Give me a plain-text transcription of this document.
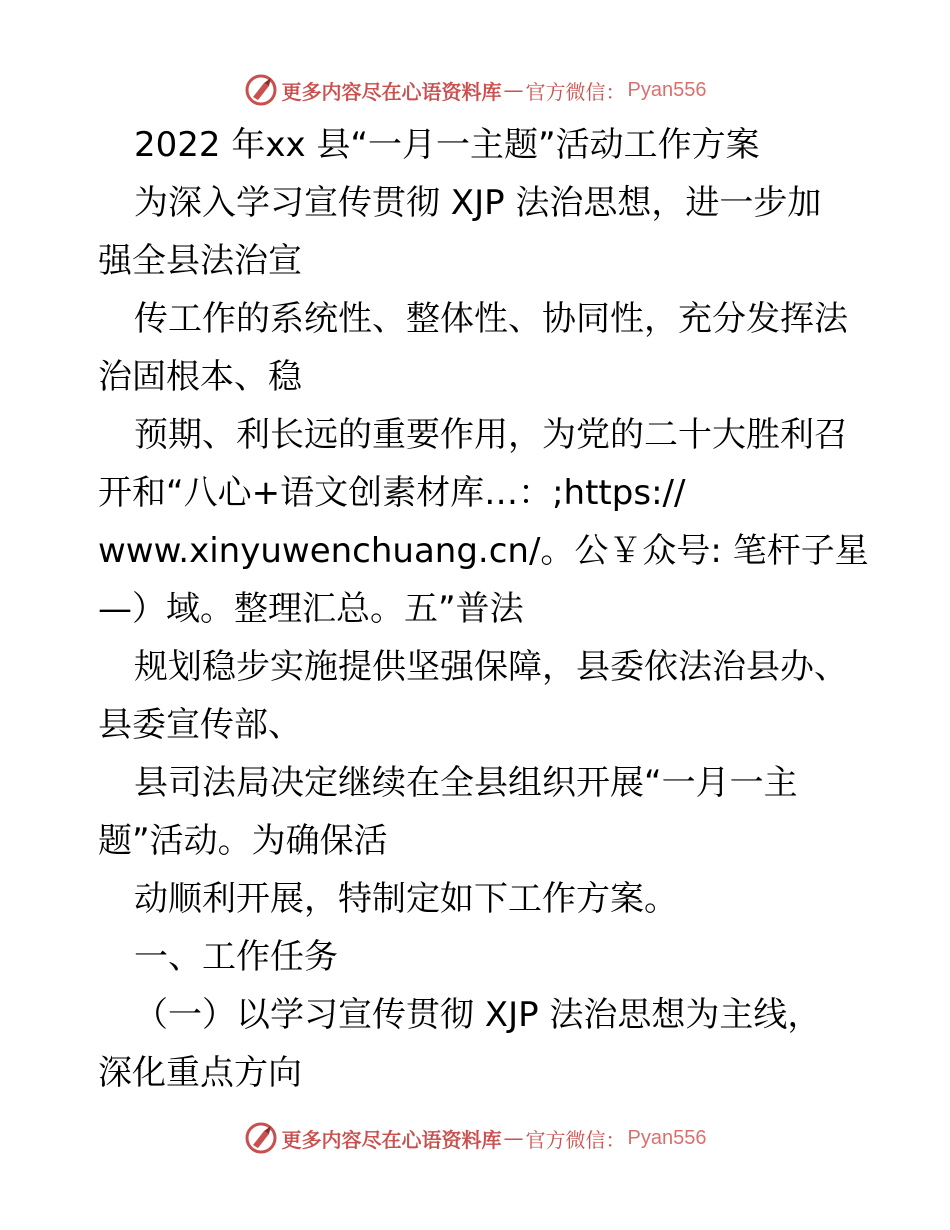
更多内容尽在心语资料库 — 官方微信： Pyan556
2022 年xx 县“一月一主题”活动工作方案
为深入学习宣传贯彻 XJP 法治思想，进一步加
强全县法治宣
传工作的系统性、整体性、协同性，充分发挥法
治固根本、稳
预期、利长远的重要作用，为党的二十大胜利召
开和“八心+语文创素材库…：;https://
www.xinyuwenchuang.cn/。公￥众号: 笔杆子星
—）域。整理汇总。五”普法
规划稳步实施提供坚强保障，县委依法治县办、
县委宣传部、
县司法局决定继续在全县组织开展“一月一主
题”活动。为确保活
动顺利开展，特制定如下工作方案。
一、工作任务
（一）以学习宣传贯彻 XJP 法治思想为主线，
深化重点方向
更多内容尽在心语资料库 — 官方微信： Pyan556
